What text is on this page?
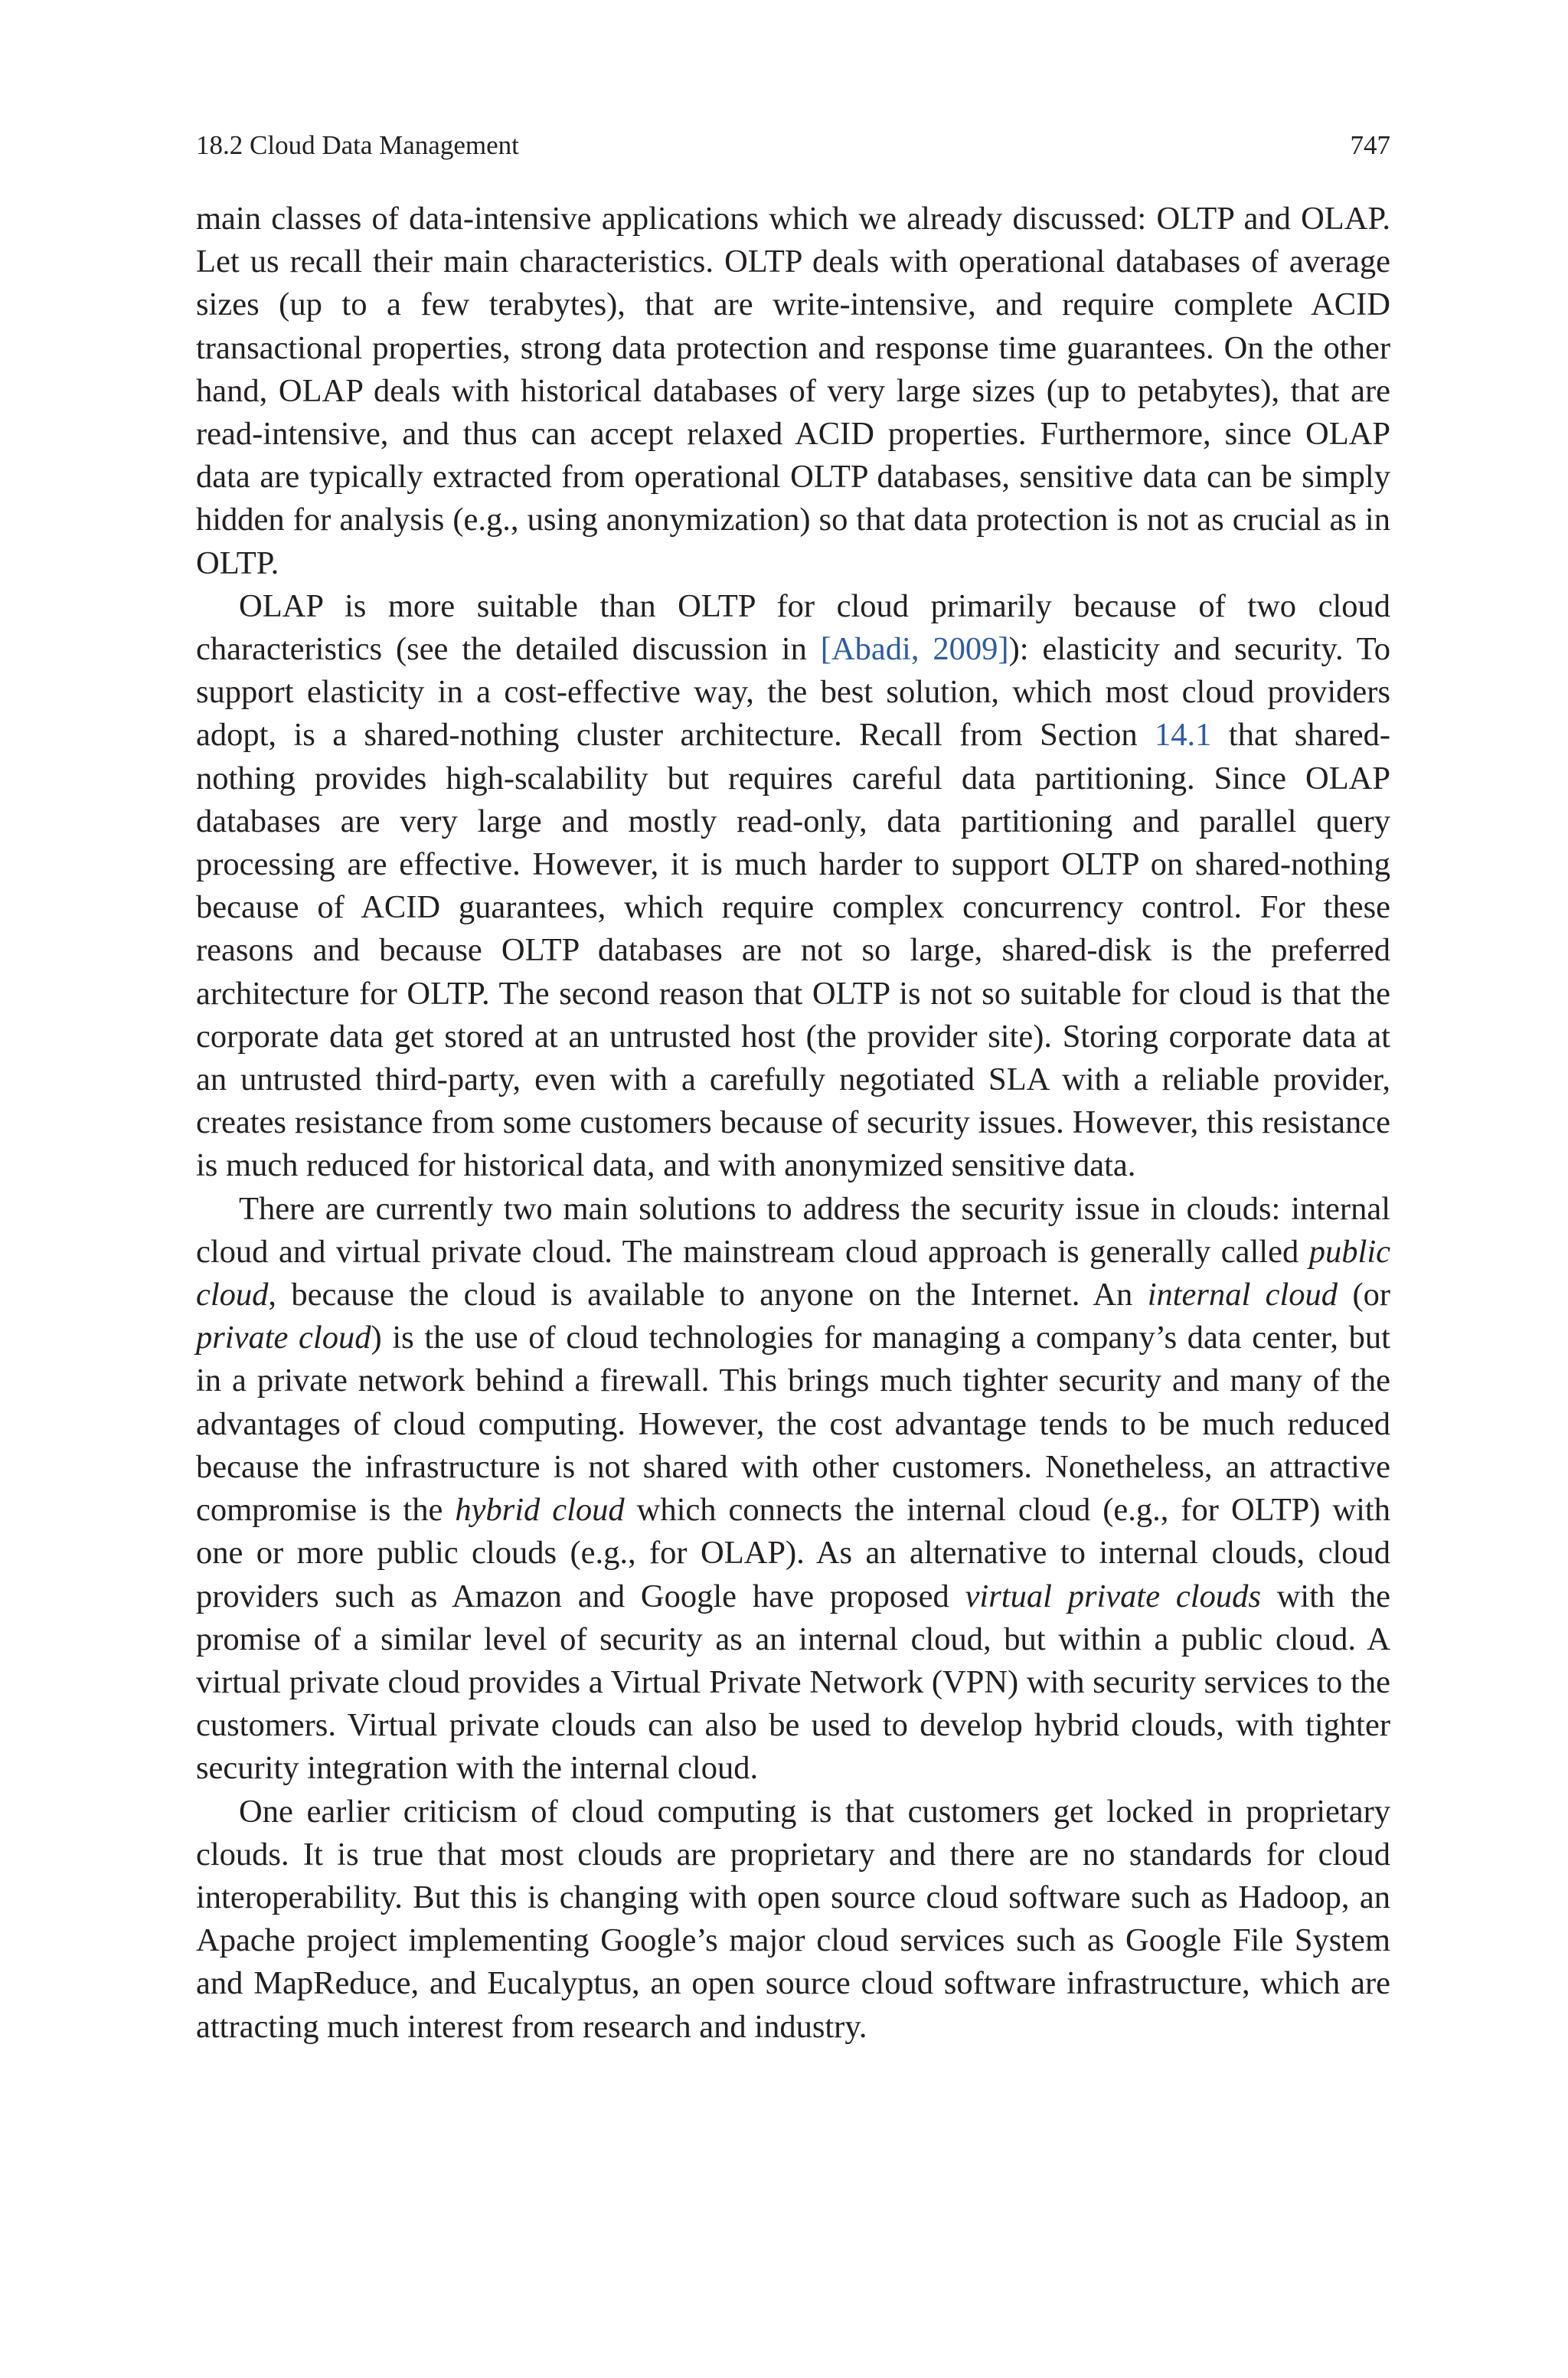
18.2 Cloud Data Management	747

main classes of data-intensive applications which we already discussed: OLTP and OLAP. Let us recall their main characteristics. OLTP deals with operational databases of average sizes (up to a few terabytes), that are write-intensive, and require complete ACID transactional properties, strong data protection and response time guarantees. On the other hand, OLAP deals with historical databases of very large sizes (up to petabytes), that are read-intensive, and thus can accept relaxed ACID properties. Furthermore, since OLAP data are typically extracted from operational OLTP databases, sensitive data can be simply hidden for analysis (e.g., using anonymization) so that data protection is not as crucial as in OLTP.

OLAP is more suitable than OLTP for cloud primarily because of two cloud characteristics (see the detailed discussion in [Abadi, 2009]): elasticity and security. To support elasticity in a cost-effective way, the best solution, which most cloud providers adopt, is a shared-nothing cluster architecture. Recall from Section 14.1 that shared-nothing provides high-scalability but requires careful data partitioning. Since OLAP databases are very large and mostly read-only, data partitioning and parallel query processing are effective. However, it is much harder to support OLTP on shared-nothing because of ACID guarantees, which require complex concurrency control. For these reasons and because OLTP databases are not so large, shared-disk is the preferred architecture for OLTP. The second reason that OLTP is not so suitable for cloud is that the corporate data get stored at an untrusted host (the provider site). Storing corporate data at an untrusted third-party, even with a carefully negotiated SLA with a reliable provider, creates resistance from some customers because of security issues. However, this resistance is much reduced for historical data, and with anonymized sensitive data.

There are currently two main solutions to address the security issue in clouds: internal cloud and virtual private cloud. The mainstream cloud approach is generally called public cloud, because the cloud is available to anyone on the Internet. An internal cloud (or private cloud) is the use of cloud technologies for managing a company’s data center, but in a private network behind a firewall. This brings much tighter security and many of the advantages of cloud computing. However, the cost advantage tends to be much reduced because the infrastructure is not shared with other customers. Nonetheless, an attractive compromise is the hybrid cloud which connects the internal cloud (e.g., for OLTP) with one or more public clouds (e.g., for OLAP). As an alternative to internal clouds, cloud providers such as Amazon and Google have proposed virtual private clouds with the promise of a similar level of security as an internal cloud, but within a public cloud. A virtual private cloud provides a Virtual Private Network (VPN) with security services to the customers. Virtual private clouds can also be used to develop hybrid clouds, with tighter security integration with the internal cloud.

One earlier criticism of cloud computing is that customers get locked in proprietary clouds. It is true that most clouds are proprietary and there are no standards for cloud interoperability. But this is changing with open source cloud software such as Hadoop, an Apache project implementing Google’s major cloud services such as Google File System and MapReduce, and Eucalyptus, an open source cloud software infrastructure, which are attracting much interest from research and industry.
